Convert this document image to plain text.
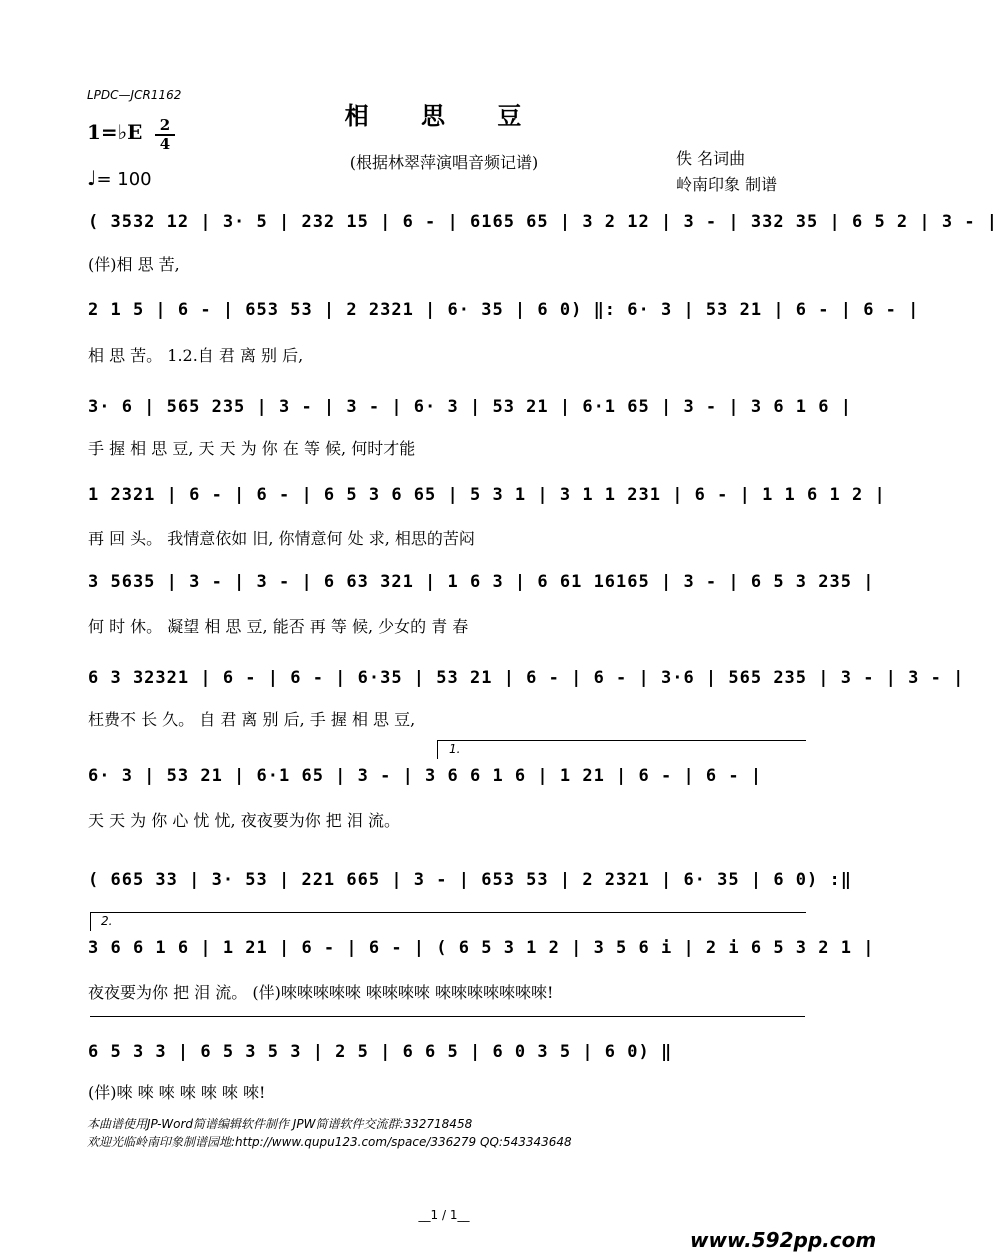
LPDC—JCR1162
相 思 豆
1=♭E	2
4
(根据林翠萍演唱音频记谱)
♩= 100
佚 名词曲
岭南印象 制谱
( 3532 12 | 3· 5 | 232 15 | 6 - | 6165 65 | 3 2 12 | 3 - | 332 35 | 6 5 2 | 3 - |
(伴)相 思 苦,
2 1 5 | 6 - | 653 53 | 2 2321 | 6· 35 | 6 0) ‖: 6· 3 | 53 21 | 6 - | 6 - |
相 思 苦。 1.2.自 君 离 别 后,
3· 6 | 565 235 | 3 - | 3 - | 6· 3 | 53 21 | 6·1 65 | 3 - | 3 6 1 6 |
手 握 相 思 豆, 天 天 为 你 在 等 候, 何时才能
1 2321 | 6 - | 6 - | 6 5 3 6 65 | 5 3 1 | 3 1 1 231 | 6 - | 1 1 6 1 2 |
再 回 头。 我情意依如 旧, 你情意何 处 求, 相思的苦闷
3 5635 | 3 - | 3 - | 6 63 321 | 1 6 3 | 6 61 16165 | 3 - | 6 5 3 235 |
何 时 休。 凝望 相 思 豆, 能否 再 等 候, 少女的 青 春
6 3 32321 | 6 - | 6 - | 6·35 | 53 21 | 6 - | 6 - | 3·6 | 565 235 | 3 - | 3 - |
枉费不 长 久。 自 君 离 别 后, 手 握 相 思 豆,
1.
6· 3 | 53 21 | 6·1 65 | 3 - | 3 6 6 1 6 | 1 21 | 6 - | 6 - |
天 天 为 你 心 忧 忧, 夜夜要为你 把 泪 流。
( 665 33 | 3· 53 | 221 665 | 3 - | 653 53 | 2 2321 | 6· 35 | 6 0) :‖
2.
3 6 6 1 6 | 1 21 | 6 - | 6 - | ( 6 5 3 1 2 | 3 5 6 i | 2 i 6 5 3 2 1 |
夜夜要为你 把 泪 流。 (伴)唻唻唻唻唻 唻唻唻唻 唻唻唻唻唻唻唻!
6 5 3 3 | 6 5 3 5 3 | 2 5 | 6 6 5 | 6 0 3 5 | 6 0) ‖
(伴)唻 唻 唻 唻 唻 唻 唻!
本曲谱使用JP-Word简谱编辑软件制作 JPW简谱软件交流群:332718458
欢迎光临岭南印象制谱园地:http://www.qupu123.com/space/336279 QQ:543343648
__1 / 1__
www.592pp.com
